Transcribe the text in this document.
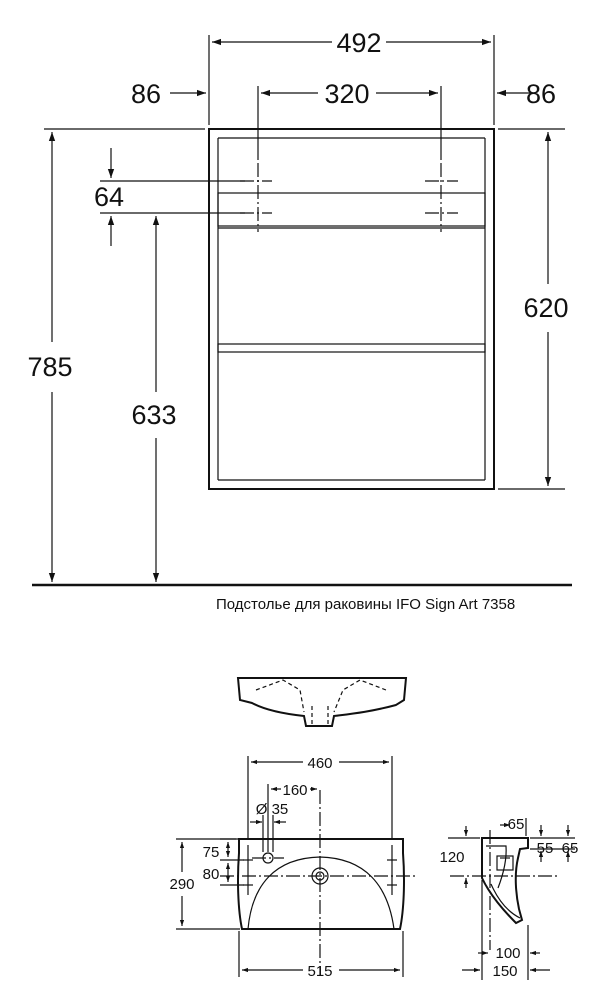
492
320
86	86
64
785
633
620
Подстолье для раковины IFO Sign Art 7358
460
160
Ø 35
75
80
290
515
65
120
55 65
100
150
